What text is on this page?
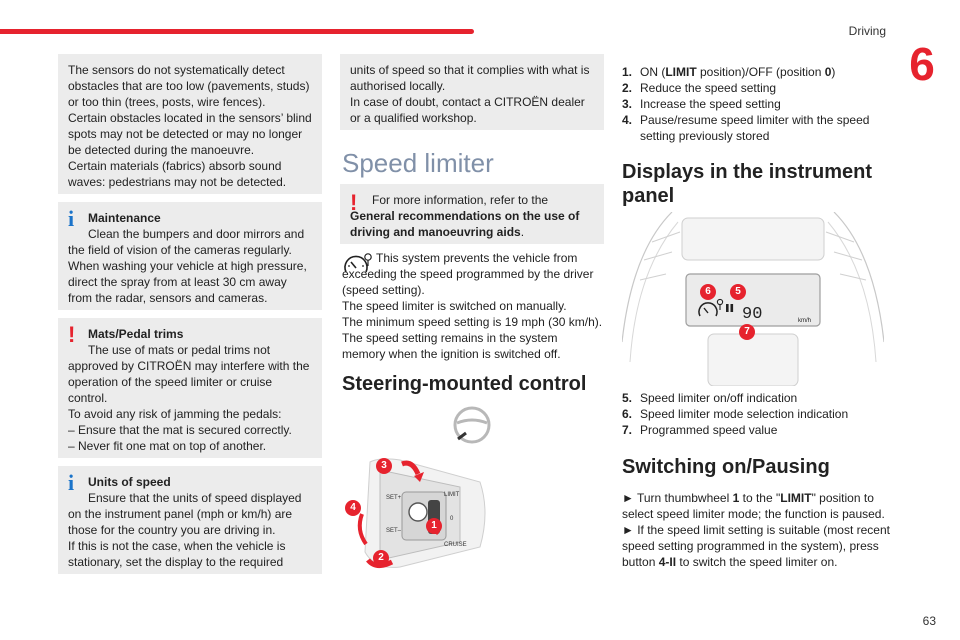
Driving
6
63

The sensors do not systematically detect obstacles that are too low (pavements, studs) or too thin (trees, posts, wire fences).

Certain obstacles located in the sensors’ blind spots may not be detected or may no longer be detected during the manoeuvre.

Certain materials (fabrics) absorb sound waves: pedestrians may not be detected.

i	Maintenance

Clean the bumpers and door mirrors and the field of vision of the cameras regularly. When washing your vehicle at high pressure, direct the spray from at least 30 cm away from the radar, sensors and cameras.

!	Mats/Pedal trims

The use of mats or pedal trims not approved by CITROËN may interfere with the operation of the speed limiter or cruise control.

To avoid any risk of jamming the pedals:

– Ensure that the mat is secured correctly.

– Never fit one mat on top of another.

i	Units of speed

Ensure that the units of speed displayed on the instrument panel (mph or km/h) are those for the country you are driving in.

If this is not the case, when the vehicle is stationary, set the display to the required

units of speed so that it complies with what is authorised locally.

In case of doubt, contact a CITROËN dealer or a qualified workshop.

Speed limiter
!	For more information, refer to the General recommendations on the use of driving and manoeuvring aids.

This system prevents the vehicle from exceeding the speed programmed by the driver (speed setting).

The speed limiter is switched on manually.

The minimum speed setting is 19 mph (30 km/h).

The speed setting remains in the system memory when the ignition is switched off.

Steering-mounted control
SET+
SET–
LIMIT
CRUISE
0
3
4
1
2
1. ON (LIMIT position)/OFF (position 0)
2. Reduce the speed setting
3. Increase the speed setting
4. Pause/resume speed limiter with the speed setting previously stored
Displays in the instrument panel
90	km/h
6	5
7
5. Speed limiter on/off indication
6. Speed limiter mode selection indication
7. Programmed speed value
Switching on/Pausing

► Turn thumbwheel 1 to the "LIMIT" position to select speed limiter mode; the function is paused.

► If the speed limit setting is suitable (most recent speed setting programmed in the system), press button 4-II to switch the speed limiter on.
